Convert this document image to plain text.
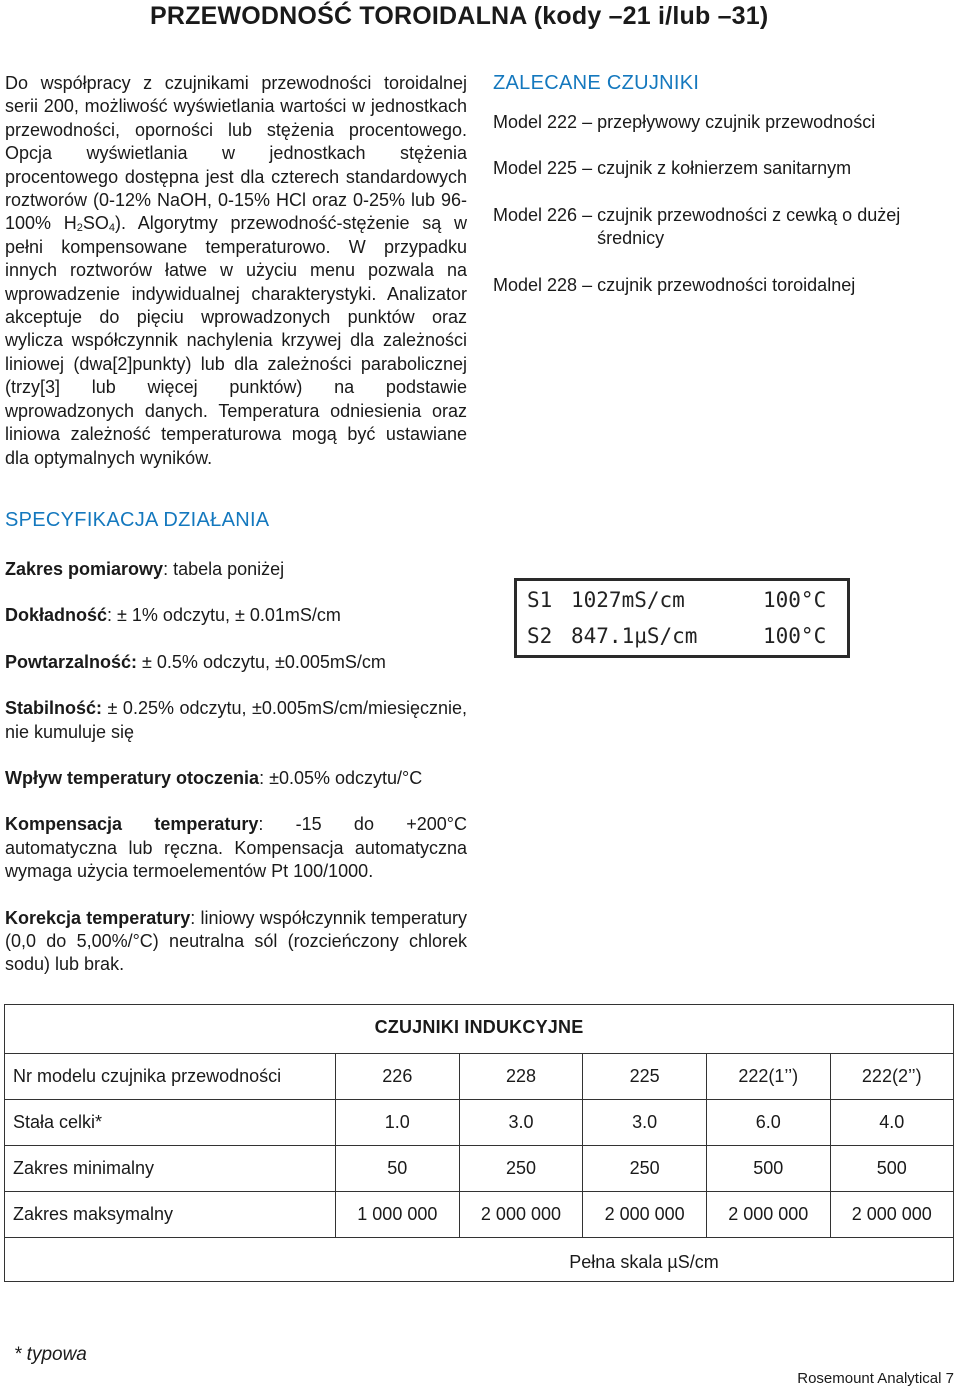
PRZEWODNOŚĆ TOROIDALNA (kody –21 i/lub –31)
Do współpracy z czujnikami przewodności toroidalnej serii 200, możliwość wyświetlania wartości w jednostkach przewodności, oporności lub stężenia procentowego. Opcja wyświetlania w jednostkach stężenia procentowego dostępna jest dla czterech standardowych roztworów (0-12% NaOH, 0-15% HCl oraz 0-25% lub 96-100% $H_2SO_4$). Algorytmy przewodność-stężenie są w pełni kompensowane temperaturowo. W przypadku innych roztworów łatwe w użyciu menu pozwala na wprowadzenie indywidualnej charakterystyki. Analizator akceptuje do pięciu wprowadzonych punktów oraz wylicza współczynnik nachylenia krzywej dla zależności liniowej (dwa[2]punkty) lub dla zależności parabolicznej (trzy[3] lub więcej punktów) na podstawie wprowadzonych danych. Temperatura odniesienia oraz liniowa zależność temperaturowa mogą być ustawiane dla optymalnych wyników.
ZALECANE CZUJNIKI
Model 222 – przepływowy czujnik przewodności
Model 225 – czujnik z kołnierzem sanitarnym
Model 226 – czujnik przewodności z cewką o dużej średnicy
Model 228 – czujnik przewodności toroidalnej
SPECYFIKACJA DZIAŁANIA
Zakres pomiarowy: tabela poniżej
Dokładność: ± 1% odczytu, ± 0.01mS/cm
Powtarzalność: ± 0.5% odczytu, ±0.005mS/cm
Stabilność: ± 0.25% odczytu, ±0.005mS/cm/miesięcznie, nie kumuluje się
Wpływ temperatury otoczenia: ±0.05% odczytu/°C
Kompensacja temperatury: -15 do +200°C automatyczna lub ręczna. Kompensacja automatyczna wymaga użycia termoelementów Pt 100/1000.
Korekcja temperatury: liniowy współczynnik temperatury (0,0 do 5,00%/°C) neutralna sól (rozcieńczony chlorek sodu) lub brak.
S1 1027mS/cm	100°C
S2 847.1µS/cm	100°C
CZUJNIKI INDUKCYJNE
Nr modelu czujnika przewodności	226	228	225	222(1’’)	222(2’’)
Stała celki*	1.0	3.0	3.0	6.0	4.0
Zakres minimalny	50	250	250	500	500
Zakres maksymalny	1 000 000	2 000 000	2 000 000	2 000 000	2 000 000
Pełna skala µS/cm
* typowa
Rosemount Analytical 7
